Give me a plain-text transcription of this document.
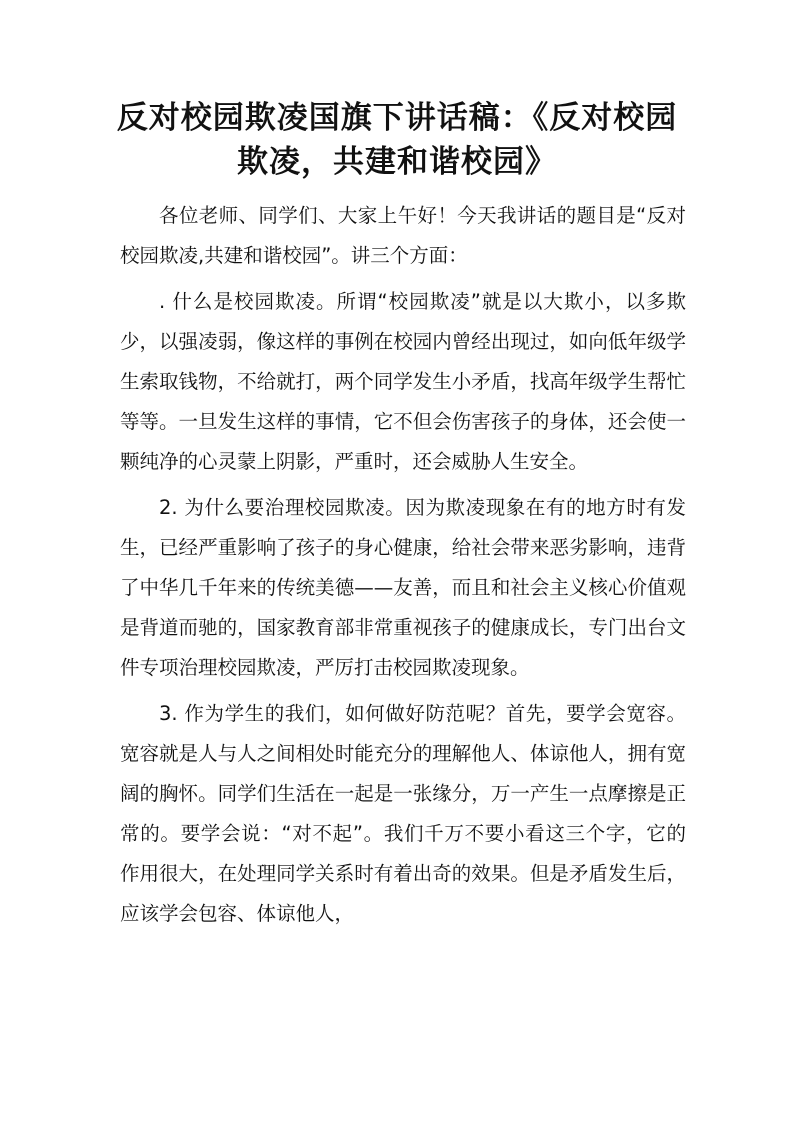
反对校园欺凌国旗下讲话稿：《反对校园欺凌，共建和谐校园》

各位老师、同学们、大家上午好！今天我讲话的题目是“反对校园欺凌,共建和谐校园”。讲三个方面：

. 什么是校园欺凌。所谓“校园欺凌”就是以大欺小，以多欺少，以强凌弱，像这样的事例在校园内曾经出现过，如向低年级学生索取钱物，不给就打，两个同学发生小矛盾，找高年级学生帮忙等等。一旦发生这样的事情，它不但会伤害孩子的身体，还会使一颗纯净的心灵蒙上阴影，严重时，还会威胁人生安全。

2. 为什么要治理校园欺凌。因为欺凌现象在有的地方时有发生，已经严重影响了孩子的身心健康，给社会带来恶劣影响，违背了中华几千年来的传统美德——友善，而且和社会主义核心价值观是背道而驰的，国家教育部非常重视孩子的健康成长，专门出台文件专项治理校园欺凌，严厉打击校园欺凌现象。

3. 作为学生的我们，如何做好防范呢？首先，要学会宽容。宽容就是人与人之间相处时能充分的理解他人、体谅他人，拥有宽阔的胸怀。同学们生活在一起是一张缘分，万一产生一点摩擦是正常的。要学会说：“对不起”。我们千万不要小看这三个字，它的作用很大，在处理同学关系时有着出奇的效果。但是矛盾发生后，应该学会包容、体谅他人，
